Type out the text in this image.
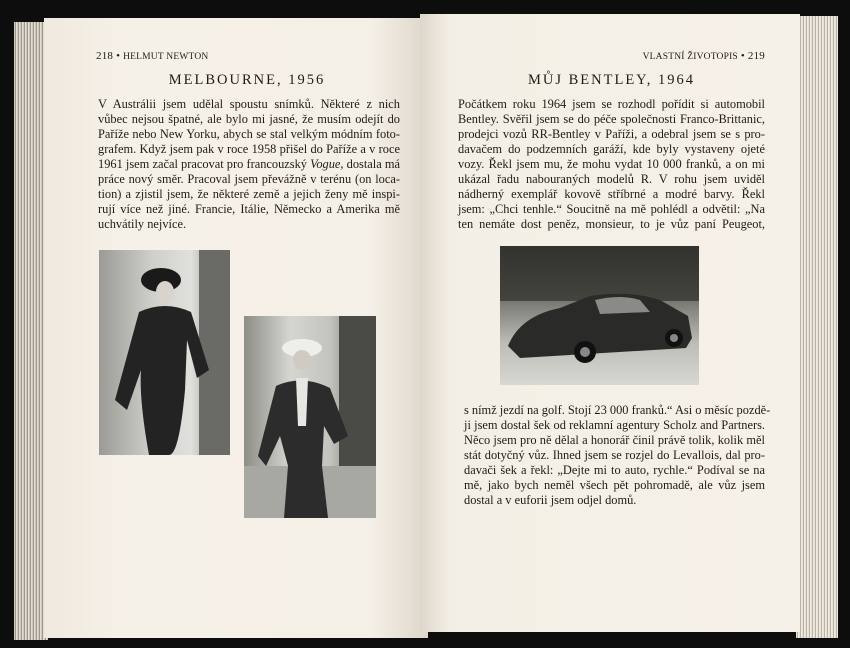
218 • HELMUT NEWTON
MELBOURNE, 1956
V Austrálii jsem udělal spoustu snímků. Některé z nich
vůbec nejsou špatné, ale bylo mi jasné, že musím odejít do
Paříže nebo New Yorku, abych se stal velkým módním foto-
grafem. Když jsem pak v roce 1958 přišel do Paříže a v roce
1961 jsem začal pracovat pro francouzský Vogue, dostala má
práce nový směr. Pracoval jsem převážně v terénu (on loca-
tion) a zjistil jsem, že některé země a jejich ženy mě inspi-
rují více než jiné. Francie, Itálie, Německo a Amerika mě
uchvátily nejvíce.
VLASTNÍ ŽIVOTOPIS • 219
MŮJ BENTLEY, 1964
Počátkem roku 1964 jsem se rozhodl pořídit si automobil
Bentley. Svěřil jsem se do péče společnosti Franco-Brittanic,
prodejci vozů RR-Bentley v Paříži, a odebral jsem se s pro-
davačem do podzemních garáží, kde byly vystaveny ojeté
vozy. Řekl jsem mu, že mohu vydat 10 000 franků, a on mi
ukázal řadu nabouraných modelů R. V rohu jsem uviděl
nádherný exemplář kovově stříbrné a modré barvy. Řekl
jsem: „Chci tenhle.“ Soucitně na mě pohlédl a odvětil: „Na
ten nemáte dost peněz, monsieur, to je vůz paní Peugeot,
s nímž jezdí na golf. Stojí 23 000 franků.“ Asi o měsíc pozdě-
ji jsem dostal šek od reklamní agentury Scholz and Partners.
Něco jsem pro ně dělal a honorář činil právě tolik, kolik měl
stát dotyčný vůz. Ihned jsem se rozjel do Levallois, dal pro-
davači šek a řekl: „Dejte mi to auto, rychle.“ Podíval se na
mě, jako bych neměl všech pět pohromadě, ale vůz jsem
dostal a v euforii jsem odjel domů.
